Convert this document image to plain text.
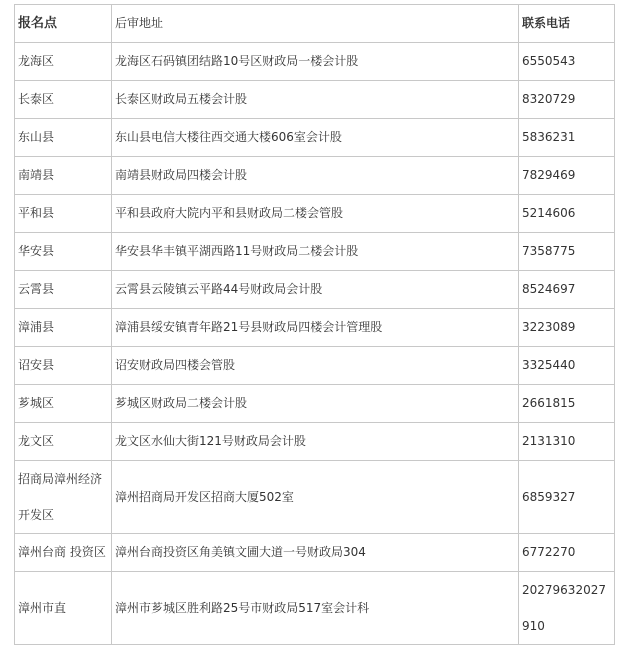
报名点	后审地址	联系电话
龙海区	龙海区石码镇团结路10号区财政局一楼会计股	6550543
长泰区	长泰区财政局五楼会计股	8320729
东山县	东山县电信大楼往西交通大楼606室会计股	5836231
南靖县	南靖县财政局四楼会计股	7829469
平和县	平和县政府大院内平和县财政局二楼会管股	5214606
华安县	华安县华丰镇平湖西路11号财政局二楼会计股	7358775
云霄县	云霄县云陵镇云平路44号财政局会计股	8524697
漳浦县	漳浦县绥安镇青年路21号县财政局四楼会计管理股	3223089
诏安县	诏安财政局四楼会管股	3325440
芗城区	芗城区财政局二楼会计股	2661815
龙文区	龙文区水仙大街121号财政局会计股	2131310
招商局漳州经济开发区	漳州招商局开发区招商大厦502室	6859327
漳州台商 投资区	漳州台商投资区角美镇文圃大道一号财政局304	6772270
漳州市直	漳州市芗城区胜利路25号市财政局517室会计科	20279632027910
